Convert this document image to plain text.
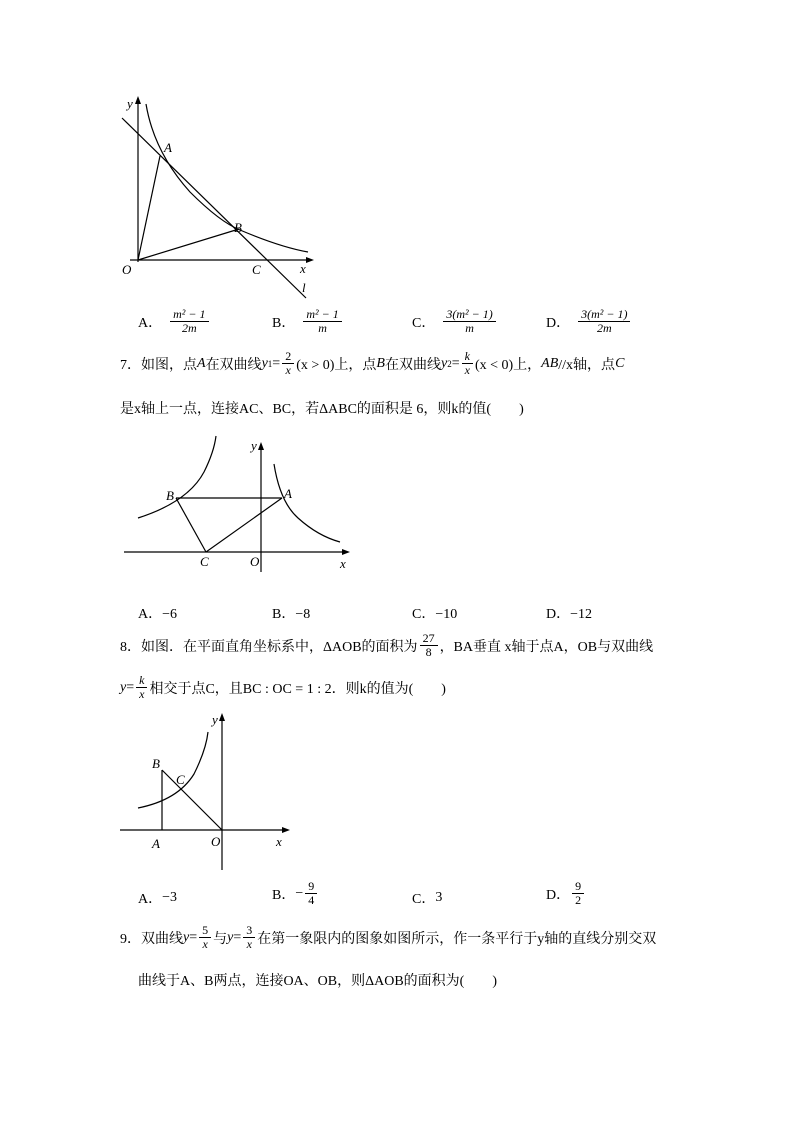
y
x
O
A
B
C
l
A． $\frac{\text{m² − 1}}{2m}$	B． $\frac{\text{m² − 1}}{m}$	C． $\frac{\text{3(m² − 1)}}{m}$	D． $\frac{\text{3(m² − 1)}}{2m}$
7．如图，点 A 在双曲线 y $1 = \frac{2}{x} (x > 0)$上，点 B 在双曲线 y $2 = \frac{k}{x} (x < 0)$上， AB //x轴，点 C
是x轴上一点，连接AC、BC，若ΔABC的面积是 6，则k的值(　　)
y
x
O
A
B
C
A．−6	B．−8	C．−10	D．−12
8．如图．在平面直角坐标系中，ΔAOB的面积为 $\frac{27}{8}$ ，BA垂直 x轴于点A，OB与双曲线
$y = \frac{k}{x}$ 相交于点C，且BC : OC = 1 : 2．则k的值为(　　)
y
x
O
A
B
C
A． −3	B． − $\frac{9}{4}$	C． 3	D． $\frac{9}{2}$
9．双曲线 $y = \frac{5}{x}$ 与 $y = \frac{3}{x}$ 在第一象限内的图象如图所示，作一条平行于y轴的直线分别交双
曲线于A、B两点，连接OA、OB，则ΔAOB的面积为(　　)
